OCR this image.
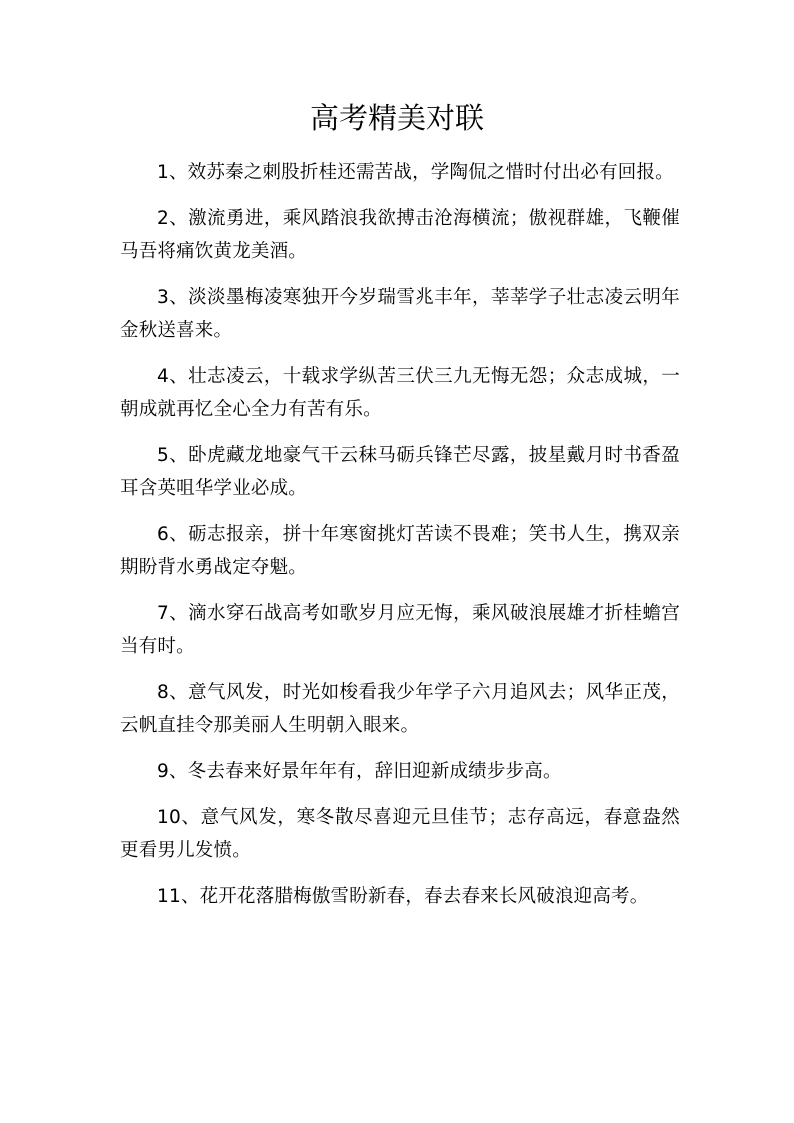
高考精美对联

1、效苏秦之刺股折桂还需苦战，学陶侃之惜时付出必有回报。

2、激流勇进，乘风踏浪我欲搏击沧海横流；傲视群雄，飞鞭催马吾将痛饮黄龙美酒。

3、淡淡墨梅凌寒独开今岁瑞雪兆丰年，莘莘学子壮志凌云明年金秋送喜来。

4、壮志凌云，十载求学纵苦三伏三九无悔无怨；众志成城，一朝成就再忆全心全力有苦有乐。

5、卧虎藏龙地豪气干云秣马砺兵锋芒尽露，披星戴月时书香盈耳含英咀华学业必成。

6、砺志报亲，拼十年寒窗挑灯苦读不畏难；笑书人生，携双亲期盼背水勇战定夺魁。

7、滴水穿石战高考如歌岁月应无悔，乘风破浪展雄才折桂蟾宫当有时。

8、意气风发，时光如梭看我少年学子六月追风去；风华正茂，云帆直挂令那美丽人生明朝入眼来。

9、冬去春来好景年年有，辞旧迎新成绩步步高。

10、意气风发，寒冬散尽喜迎元旦佳节；志存高远，春意盎然更看男儿发愤。

11、花开花落腊梅傲雪盼新春，春去春来长风破浪迎高考。
